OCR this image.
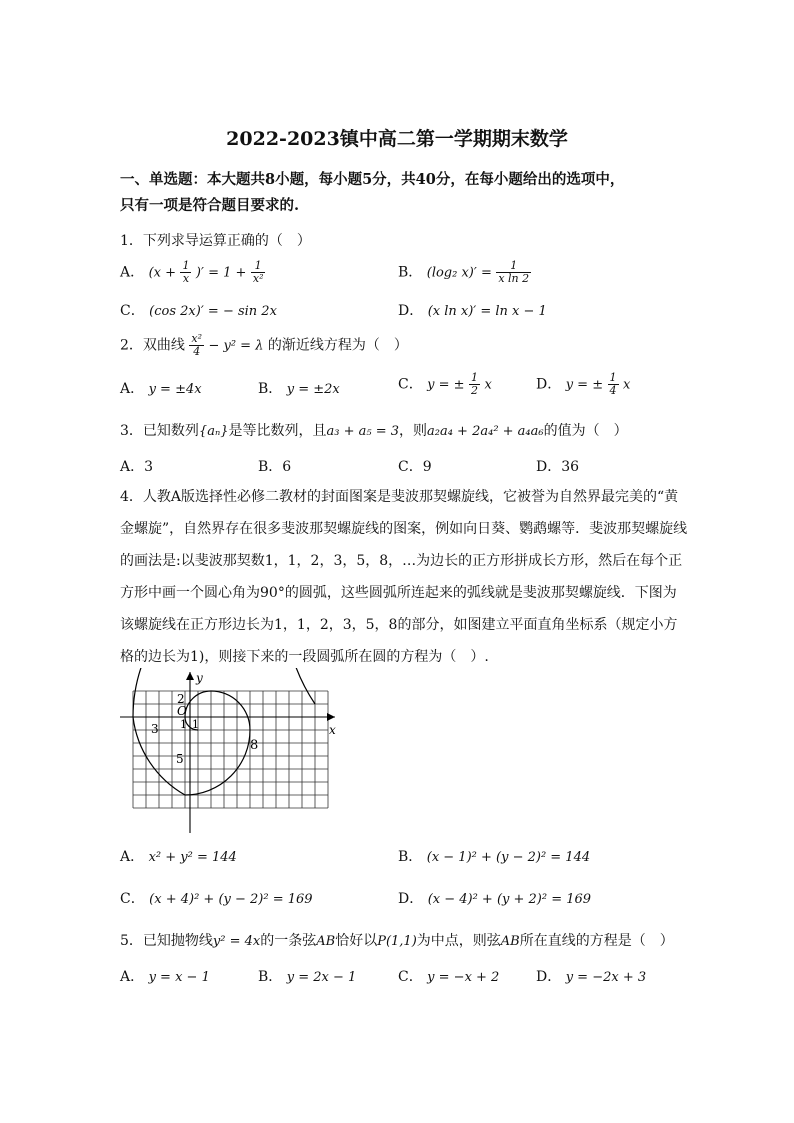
2022-2023镇中高二第一学期期末数学
一、单选题：本大题共8小题，每小题5分，共40分，在每小题给出的选项中，
只有一项是符合题目要求的.
1．下列求导运算正确的（　）
A． ($x + \frac{1}{x}$ )′ = $1 + \frac{1}{\text{x²}}$	B． (log₂ $x)' = \frac{1}{\text{x ln 2}}$
C． (cos 2x)′ = − sin 2x	D． (x ln x)′ = ln x − 1
2．双曲线 $\frac{\text{x²}}{4} - y^2 = \lambda$ 的渐近线方程为（　）
A． y = ±4x	B． y = ±2x	C． y = ± $\frac{1}{2}$ x	D． y = ± $\frac{1}{4}$ x
3．已知数列{aₙ}是等比数列，且a₃ + a₅ = 3，则a₂a₄ + 2a₄² + a₄a₆的值为（　）
A．3	B．6	C．9	D．36
4．人教A版选择性必修二教材的封面图案是斐波那契螺旋线，它被誉为自然界最完美的“黄
金螺旋”，自然界存在很多斐波那契螺旋线的图案，例如向日葵、鹦鹉螺等．斐波那契螺旋线
的画法是:以斐波那契数1，1，2，3，5，8，…为边长的正方形拼成长方形，然后在每个正
方形中画一个圆心角为90°的圆弧，这些圆弧所连起来的弧线就是斐波那契螺旋线．下图为
该螺旋线在正方形边长为1，1，2，3，5，8的部分，如图建立平面直角坐标系（规定小方
格的边长为1)，则接下来的一段圆弧所在圆的方程为（　）.
y
x
O
2
1
1
3
5
8
A． x² + y² = 144	B． (x − 1)² + (y − 2)² = 144
C． (x + 4)² + (y − 2)² = 169	D． (x − 4)² + (y + 2)² = 169
5．已知抛物线y² = 4x的一条弦AB恰好以P(1,1)为中点，则弦AB所在直线的方程是（　）
A． y = x − 1	B． y = 2x − 1	C． y = −x + 2	D． y = −2x + 3
